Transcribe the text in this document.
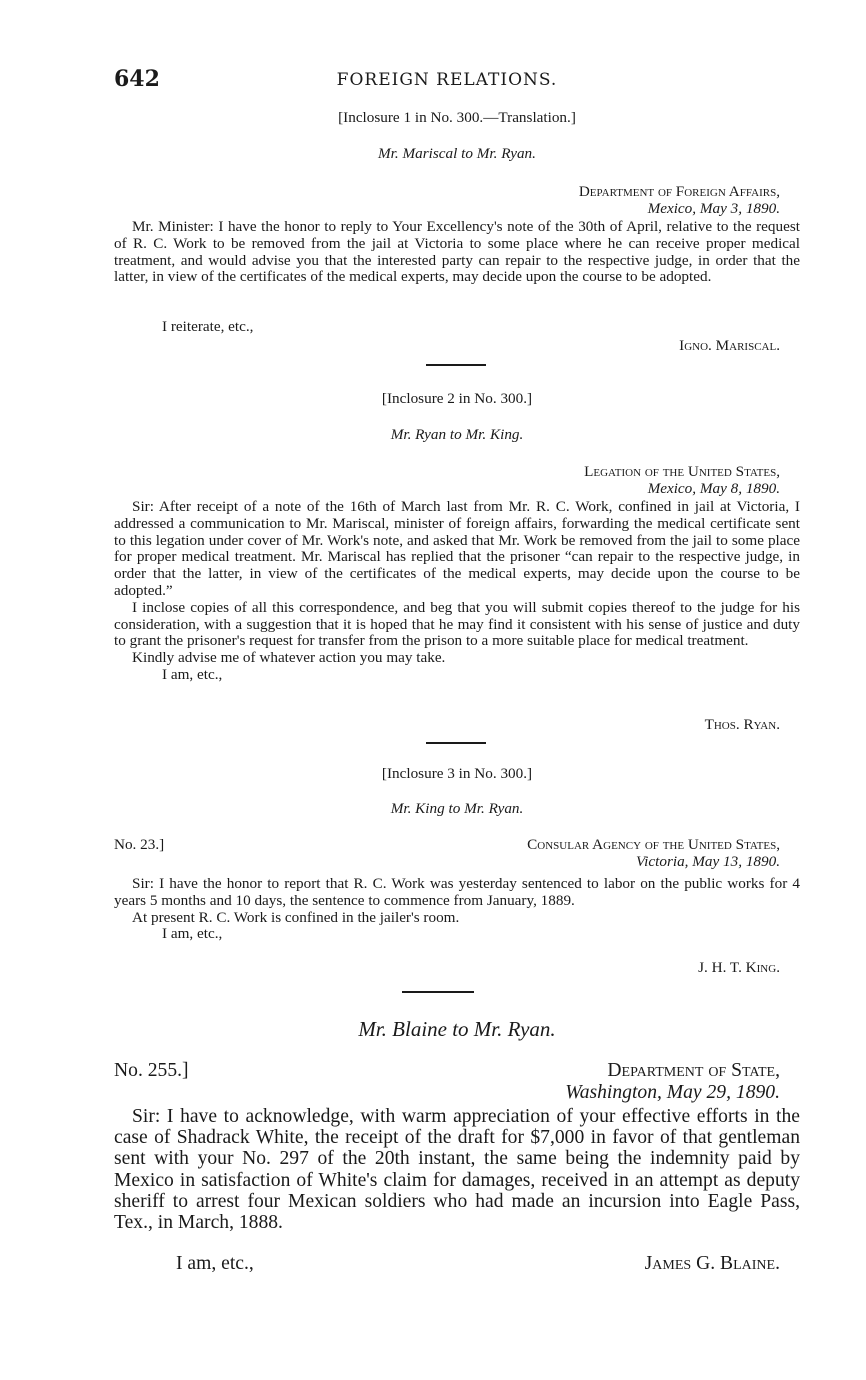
642	FOREIGN RELATIONS.
[Inclosure 1 in No. 300.—Translation.]
Mr. Mariscal to Mr. Ryan.
Department of Foreign Affairs,
Mexico, May 3, 1890.

Mr. Minister: I have the honor to reply to Your Excellency's note of the 30th of April, relative to the request of R. C. Work to be removed from the jail at Victoria to some place where he can receive proper medical treatment, and would advise you that the interested party can repair to the respective judge, in order that the latter, in view of the certificates of the medical experts, may decide upon the course to be adopted.

I reiterate, etc.,

Igno. Mariscal.
[Inclosure 2 in No. 300.]
Mr. Ryan to Mr. King.
Legation of the United States,
Mexico, May 8, 1890.

Sir: After receipt of a note of the 16th of March last from Mr. R. C. Work, confined in jail at Victoria, I addressed a communication to Mr. Mariscal, minister of foreign affairs, forwarding the medical certificate sent to this legation under cover of Mr. Work's note, and asked that Mr. Work be removed from the jail to some place for proper medical treatment. Mr. Mariscal has replied that the prisoner “can repair to the respective judge, in order that the latter, in view of the certificates of the medical experts, may decide upon the course to be adopted.”

I inclose copies of all this correspondence, and beg that you will submit copies thereof to the judge for his consideration, with a suggestion that it is hoped that he may find it consistent with his sense of justice and duty to grant the prisoner's request for transfer from the prison to a more suitable place for medical treatment.

Kindly advise me of whatever action you may take.

I am, etc.,

Thos. Ryan.
[Inclosure 3 in No. 300.]
Mr. King to Mr. Ryan.
No. 23.]	Consular Agency of the United States,
Victoria, May 13, 1890.

Sir: I have the honor to report that R. C. Work was yesterday sentenced to labor on the public works for 4 years 5 months and 10 days, the sentence to commence from January, 1889.

At present R. C. Work is confined in the jailer's room.

I am, etc.,

J. H. T. King.
Mr. Blaine to Mr. Ryan.
No. 255.]	Department of State,
Washington, May 29, 1890.

Sir: I have to acknowledge, with warm appreciation of your effective efforts in the case of Shadrack White, the receipt of the draft for $7,000 in favor of that gentleman sent with your No. 297 of the 20th instant, the same being the indemnity paid by Mexico in satisfaction of White's claim for damages, received in an attempt as deputy sheriff to arrest four Mexican soldiers who had made an incursion into Eagle Pass, Tex., in March, 1888.

I am, etc.,	James G. Blaine.
